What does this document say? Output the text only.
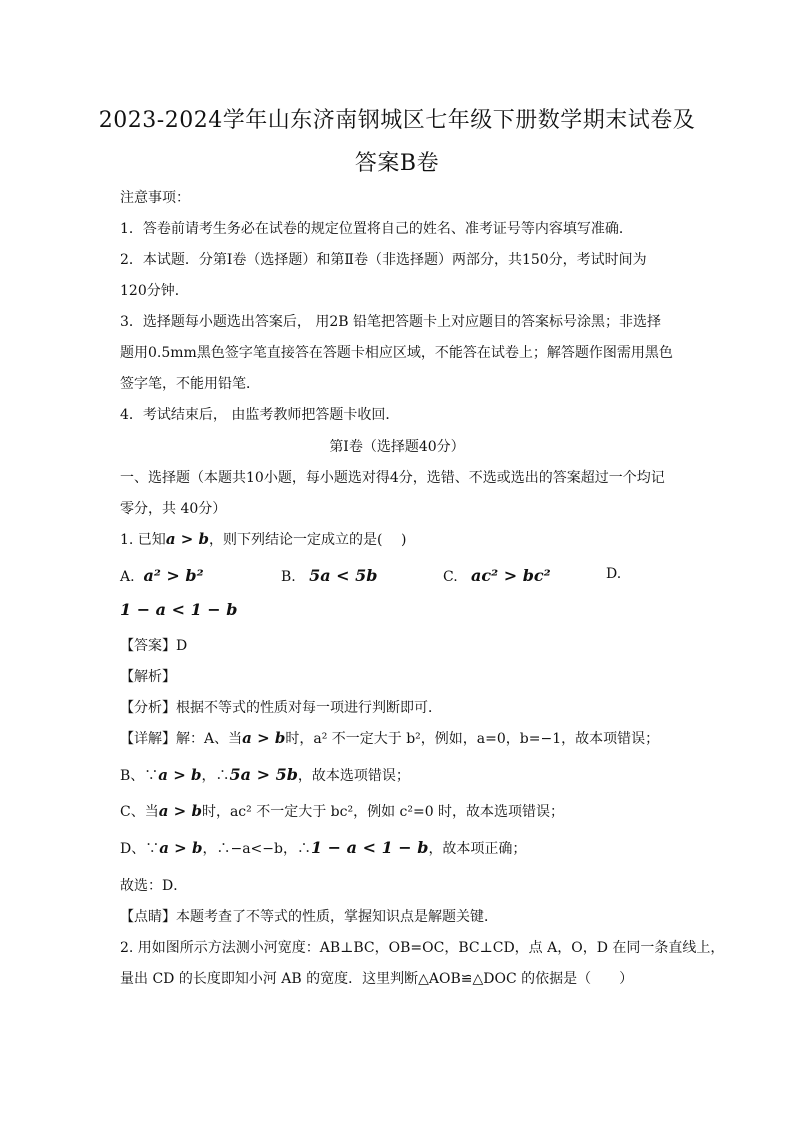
2023-2024学年山东济南钢城区七年级下册数学期末试卷及
答案B卷
注意事项：
1．答卷前请考生务必在试卷的规定位置将自己的姓名、准考证号等内容填写准确．
2．本试题．分第Ⅰ卷（选择题）和第Ⅱ卷（非选择题）两部分，共150分，考试时间为
120分钟．
3．选择题每小题选出答案后， 用2B 铅笔把答题卡上对应题目的答案标号涂黑；非选择
题用0.5mm黑色签字笔直接答在答题卡相应区域，不能答在试卷上；解答题作图需用黑色
签字笔，不能用铅笔．
4．考试结束后， 由监考教师把答题卡收回．
第Ⅰ卷（选择题40分）
一、选择题（本题共10小题，每小题选对得4分，选错、不选或选出的答案超过一个均记
零分，共 40分）
1. 已知a > b，则下列结论一定成立的是(　 )
A. a² > b²	B. 5a < 5b	C. ac² > bc²	D.
1 − a < 1 − b
【答案】D
【解析】
【分析】根据不等式的性质对每一项进行判断即可．
【详解】解：A、当a > b时，a² 不一定大于 b²，例如，a=0，b=−1，故本项错误；
B、∵a > b，∴5a > 5b，故本选项错误；
C、当a > b时，ac² 不一定大于 bc²，例如 c²=0 时，故本选项错误；
D、∵a > b，∴−a<−b，∴1 − a < 1 − b，故本项正确；
故选：D．
【点睛】本题考查了不等式的性质，掌握知识点是解题关键．
2. 用如图所示方法测小河宽度：AB⊥BC，OB=OC，BC⊥CD，点 A，O，D 在同一条直线上，
量出 CD 的长度即知小河 AB 的宽度．这里判断△AOB≌△DOC 的依据是（　　）
